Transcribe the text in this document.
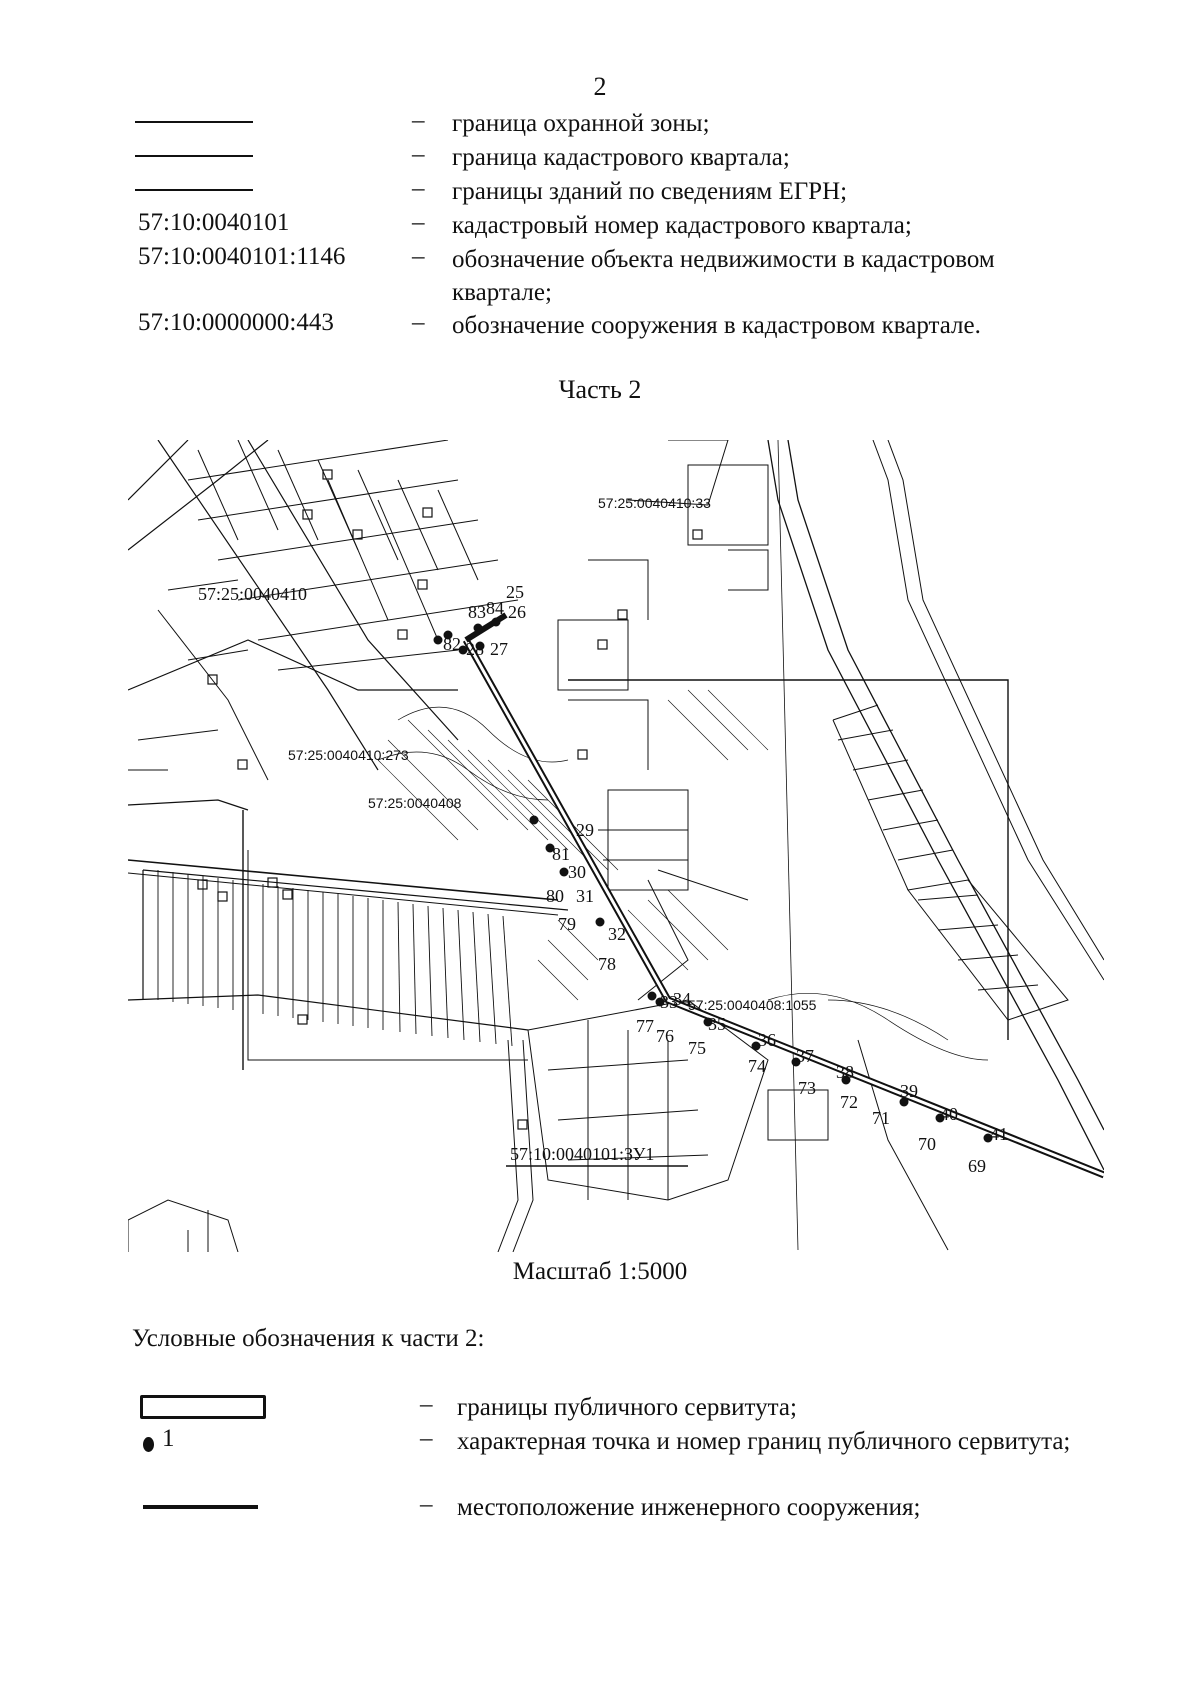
2
– граница охранной зоны;
– граница кадастрового квартала;
– границы зданий по сведениям ЕГРН;
57:10:0040101	– кадастровый номер кадастрового квартала;
57:10:0040101:1146	– обозначение объекта недвижимости в кадастровом квартале;
57:10:0000000:443	– обозначение сооружения в кадастровом квартале.
Часть 2
83 84
25
26
82 28 27
29
81
30
80 31
79 32
78
33
34
77 76
35
75	36
74 37
73
38
72
39
71	40
70	41
69
57:25:0040410
57:25:0040410:273
57:25:0040408
57:25:0040410:33
57:25:0040408:1055
57:10:0040101:ЗУ1
Масштаб 1:5000
Условные обозначения к части 2:
– границы публичного сервитута;
1	– характерная точка и номер границ публичного сервитута;
– местоположение инженерного сооружения;
